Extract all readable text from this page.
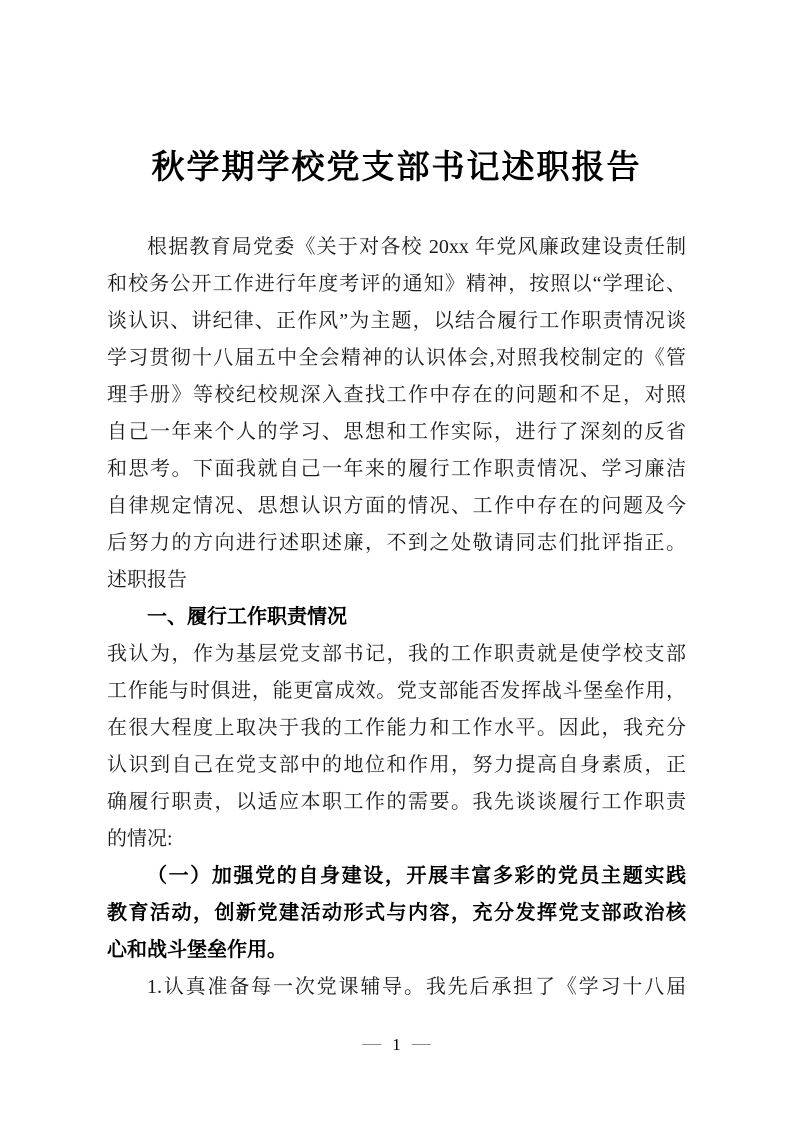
秋学期学校党支部书记述职报告
根据教育局党委《关于对各校 20xx 年党风廉政建设责任制
和校务公开工作进行年度考评的通知》精神，按照以“学理论、
谈认识、讲纪律、正作风”为主题，以结合履行工作职责情况谈
学习贯彻十八届五中全会精神的认识体会,对照我校制定的《管
理手册》等校纪校规深入查找工作中存在的问题和不足，对照
自己一年来个人的学习、思想和工作实际，进行了深刻的反省
和思考。下面我就自己一年来的履行工作职责情况、学习廉洁
自律规定情况、思想认识方面的情况、工作中存在的问题及今
后努力的方向进行述职述廉，不到之处敬请同志们批评指正。
述职报告
一、履行工作职责情况
我认为，作为基层党支部书记，我的工作职责就是使学校支部
工作能与时俱进，能更富成效。党支部能否发挥战斗堡垒作用，
在很大程度上取决于我的工作能力和工作水平。因此，我充分
认识到自己在党支部中的地位和作用，努力提高自身素质，正
确履行职责，以适应本职工作的需要。我先谈谈履行工作职责
的情况:
（一）加强党的自身建设，开展丰富多彩的党员主题实践
教育活动，创新党建活动形式与内容，充分发挥党支部政治核
心和战斗堡垒作用。
1.认真准备每一次党课辅导。我先后承担了《学习十八届
— 1 —
